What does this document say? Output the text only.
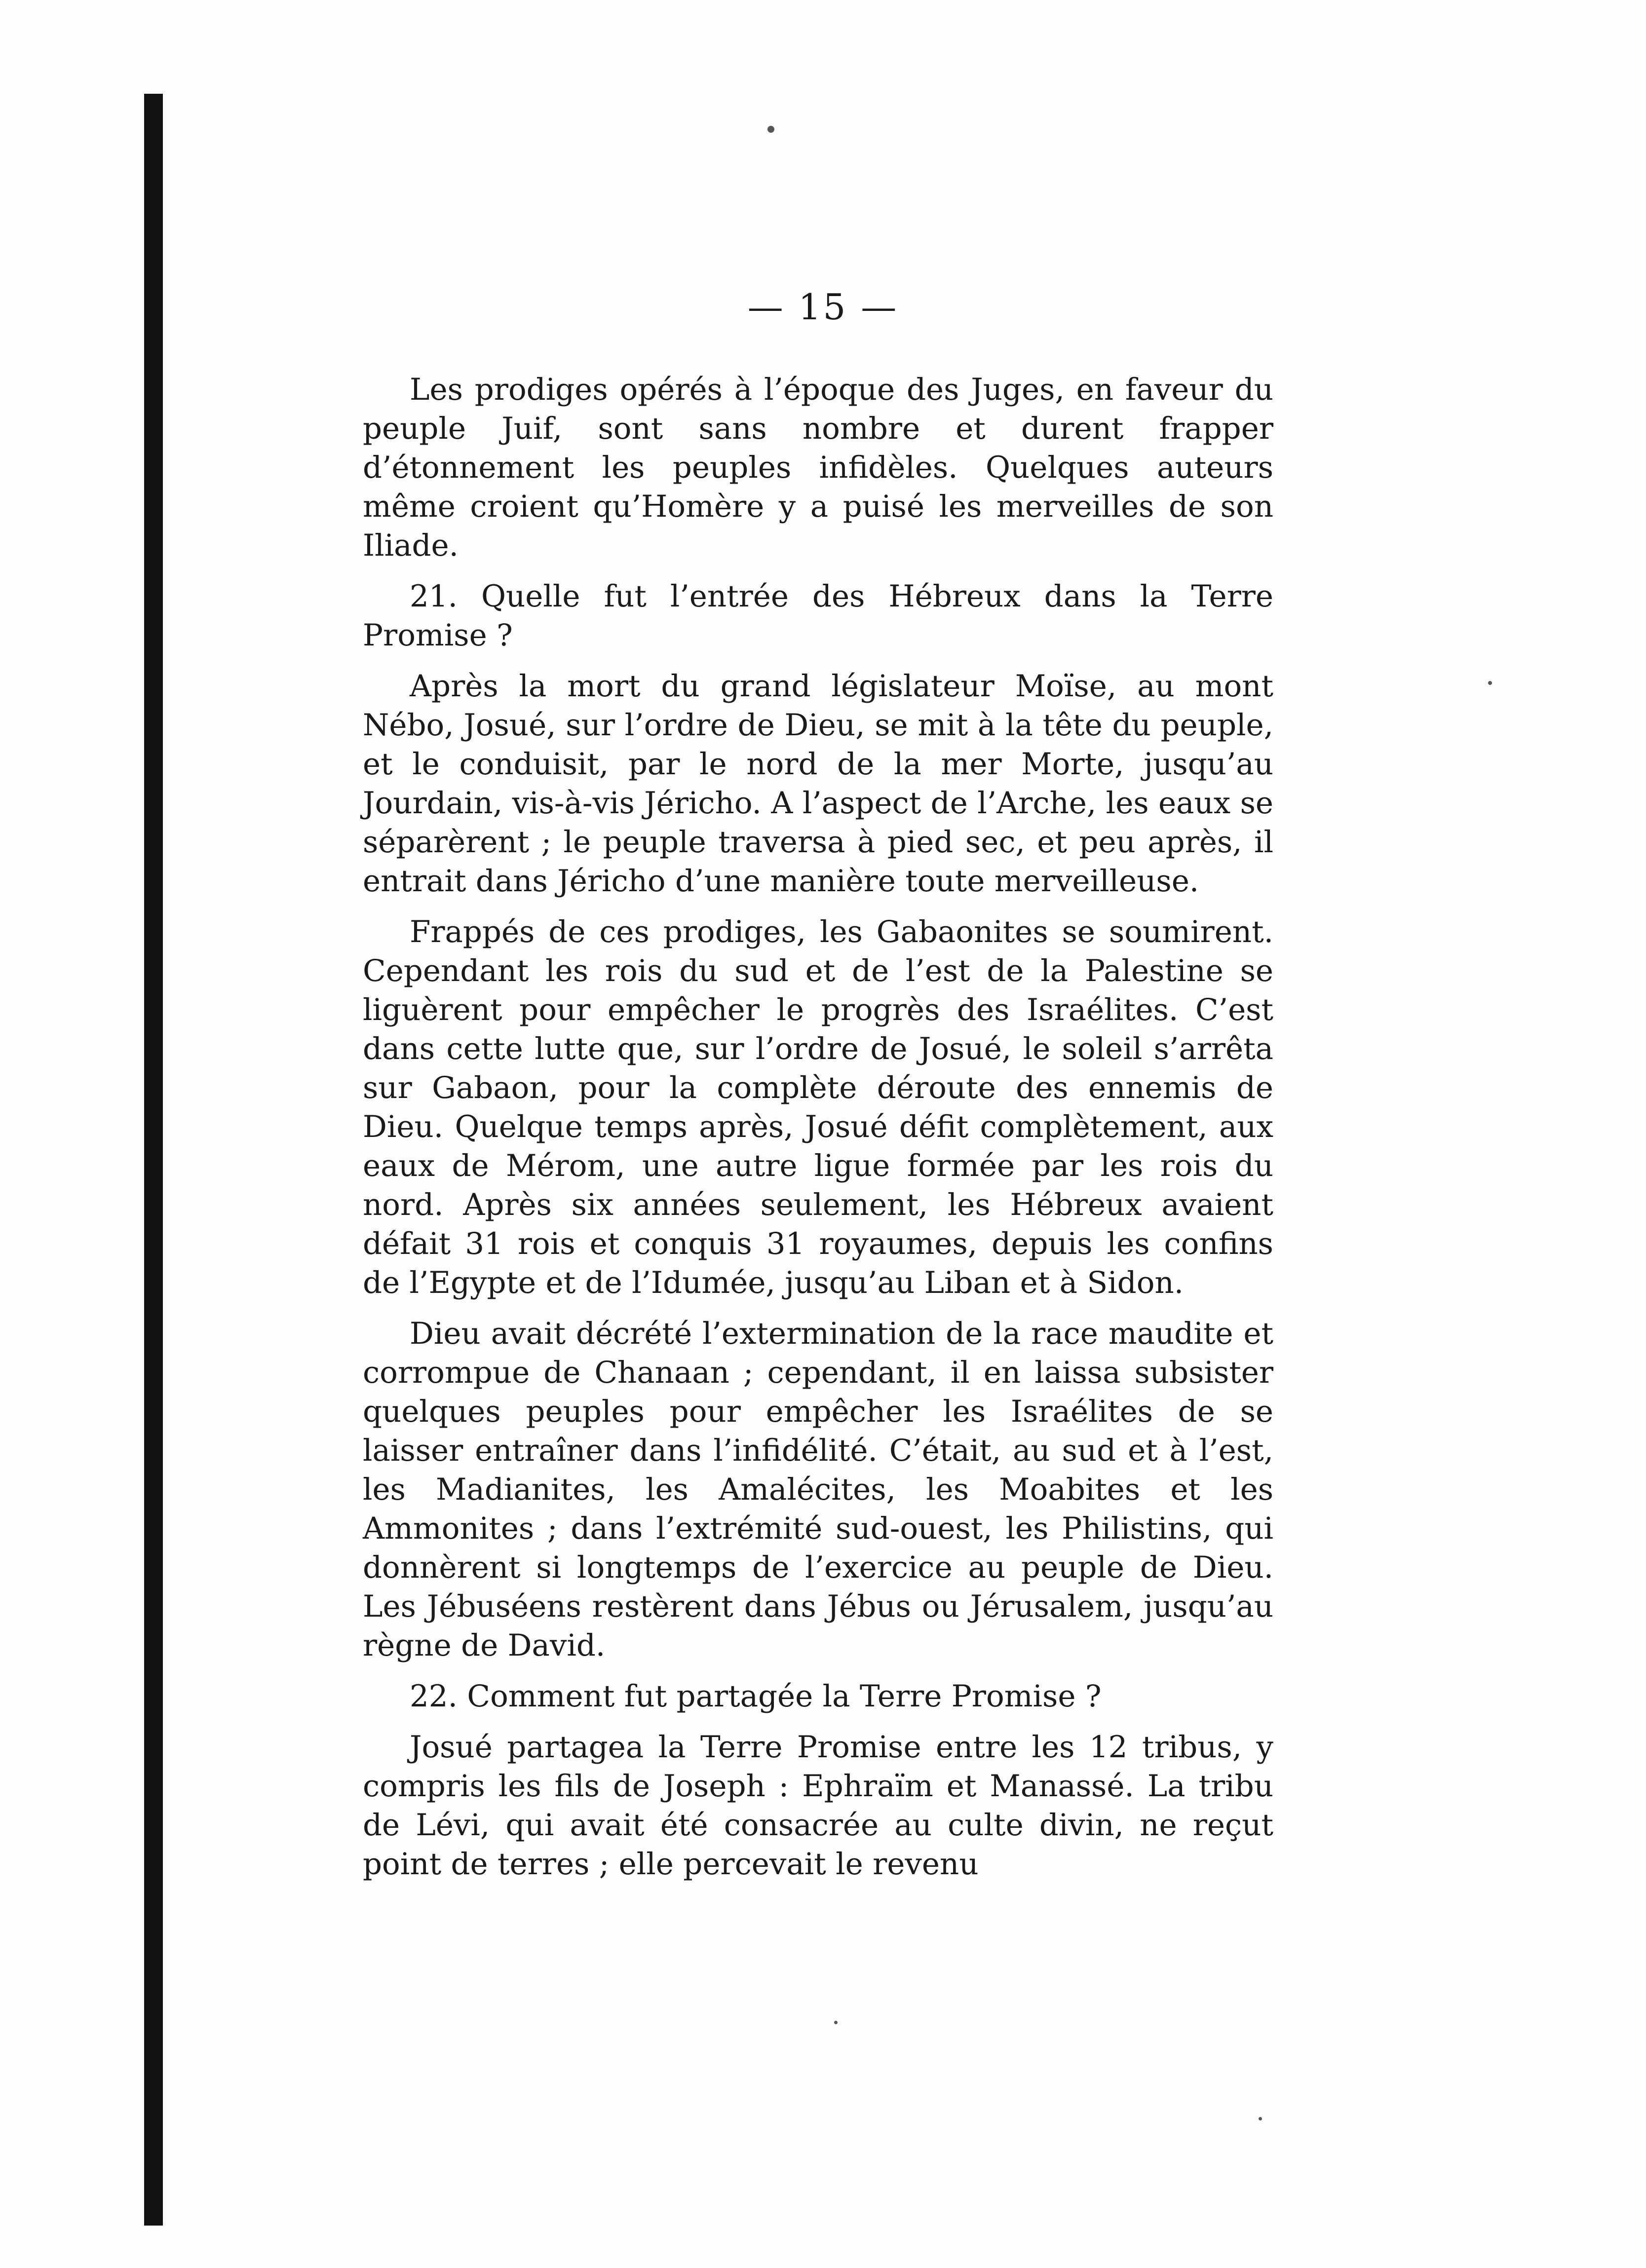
— 15 —

Les prodiges opérés à l’époque des Juges, en faveur du peuple Juif, sont sans nombre et durent frapper d’étonnement les peuples infidèles. Quelques auteurs même croient qu’Homère y a puisé les merveilles de son Iliade.

21. Quelle fut l’entrée des Hébreux dans la Terre Promise ?

Après la mort du grand législateur Moïse, au mont Nébo, Josué, sur l’ordre de Dieu, se mit à la tête du peuple, et le conduisit, par le nord de la mer Morte, jusqu’au Jourdain, vis-à-vis Jéricho. A l’aspect de l’Arche, les eaux se séparèrent ; le peuple traversa à pied sec, et peu après, il entrait dans Jéricho d’une manière toute merveilleuse.

Frappés de ces prodiges, les Gabaonites se soumirent. Cependant les rois du sud et de l’est de la Palestine se liguèrent pour empêcher le progrès des Israélites. C’est dans cette lutte que, sur l’ordre de Josué, le soleil s’arrêta sur Gabaon, pour la complète déroute des ennemis de Dieu. Quelque temps après, Josué défit complètement, aux eaux de Mérom, une autre ligue formée par les rois du nord. Après six années seulement, les Hébreux avaient défait 31 rois et conquis 31 royaumes, depuis les confins de l’Egypte et de l’Idumée, jusqu’au Liban et à Sidon.

Dieu avait décrété l’extermination de la race maudite et corrompue de Chanaan ; cependant, il en laissa subsister quelques peuples pour empêcher les Israélites de se laisser entraîner dans l’infidélité. C’était, au sud et à l’est, les Madianites, les Amalécites, les Moabites et les Ammonites ; dans l’extrémité sud-ouest, les Philistins, qui donnèrent si longtemps de l’exercice au peuple de Dieu. Les Jébuséens restèrent dans Jébus ou Jérusalem, jusqu’au règne de David.

22. Comment fut partagée la Terre Promise ?

Josué partagea la Terre Promise entre les 12 tribus, y compris les fils de Joseph : Ephraïm et Manassé. La tribu de Lévi, qui avait été consacrée au culte divin, ne reçut point de terres ; elle percevait le revenu
